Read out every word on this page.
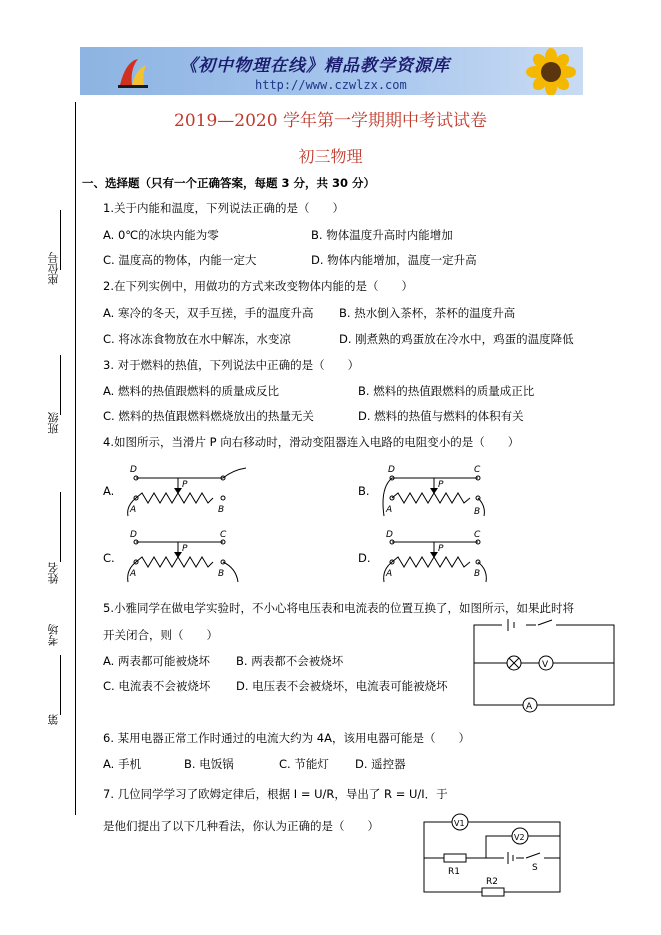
《初中物理在线》精品教学资源库
http://www.czwlzx.com
座位号
班级
姓名
考场
第
2019—2020 学年第一学期期中考试试卷
初三物理
一、选择题（只有一个正确答案，每题 3 分，共 30 分）
1.关于内能和温度，下列说法正确的是（　　）
A. 0℃的冰块内能为零	B. 物体温度升高时内能增加
C. 温度高的物体，内能一定大	D. 物体内能增加，温度一定升高
2.在下列实例中，用做功的方式来改变物体内能的是（　　）
A. 寒冷的冬天，双手互搓，手的温度升高 B. 热水倒入茶杯，茶杯的温度升高
C. 将冰冻食物放在水中解冻，水变凉	D. 刚煮熟的鸡蛋放在冷水中，鸡蛋的温度降低
3. 对于燃料的热值，下列说法中正确的是（　　）
A. 燃料的热值跟燃料的质量成反比	B. 燃料的热值跟燃料的质量成正比
C. 燃料的热值跟燃料燃烧放出的热量无关	D. 燃料的热值与燃料的体积有关
4.如图所示，当滑片 P 向右移动时，滑动变阻器连入电路的电阻变小的是（　　）
A.
D
P
A	B
B.
D	C
P
A	B
C.
D	C
P
A	B
D.
D	C
P
A	B
5.小雅同学在做电学实验时，不小心将电压表和电流表的位置互换了，如图所示，如果此时将
开关闭合，则（　　）
A. 两表都可能被烧坏 B. 两表都不会被烧坏
C. 电流表不会被烧坏 D. 电压表不会被烧坏，电流表可能被烧坏
V
A
6. 某用电器正常工作时通过的电流大约为 4A，该用电器可能是（　　）
A. 手机	B. 电饭锅	C. 节能灯 D. 遥控器
7. 几位同学学习了欧姆定律后，根据 I = U/R，导出了 R = U/I．于
是他们提出了以下几种看法，你认为正确的是（　　）	V1
R1
V2
S
R2
